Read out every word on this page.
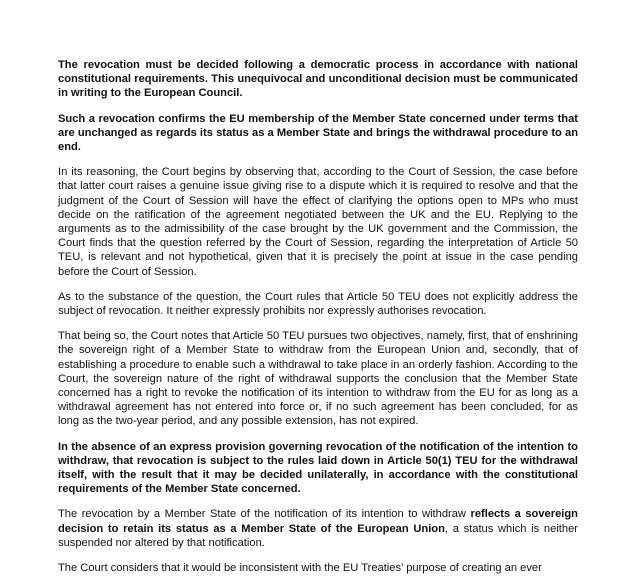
The revocation must be decided following a democratic process in accordance with national constitutional requirements. This unequivocal and unconditional decision must be communicated in writing to the European Council.

Such a revocation confirms the EU membership of the Member State concerned under terms that are unchanged as regards its status as a Member State and brings the withdrawal procedure to an end.

In its reasoning, the Court begins by observing that, according to the Court of Session, the case before that latter court raises a genuine issue giving rise to a dispute which it is required to resolve and that the judgment of the Court of Session will have the effect of clarifying the options open to MPs who must decide on the ratification of the agreement negotiated between the UK and the EU. Replying to the arguments as to the admissibility of the case brought by the UK government and the Commission, the Court finds that the question referred by the Court of Session, regarding the interpretation of Article 50 TEU, is relevant and not hypothetical, given that it is precisely the point at issue in the case pending before the Court of Session.

As to the substance of the question, the Court rules that Article 50 TEU does not explicitly address the subject of revocation. It neither expressly prohibits nor expressly authorises revocation.

That being so, the Court notes that Article 50 TEU pursues two objectives, namely, first, that of enshrining the sovereign right of a Member State to withdraw from the European Union and, secondly, that of establishing a procedure to enable such a withdrawal to take place in an orderly fashion. According to the Court, the sovereign nature of the right of withdrawal supports the conclusion that the Member State concerned has a right to revoke the notification of its intention to withdraw from the EU for as long as a withdrawal agreement has not entered into force or, if no such agreement has been concluded, for as long as the two-year period, and any possible extension, has not expired.

In the absence of an express provision governing revocation of the notification of the intention to withdraw, that revocation is subject to the rules laid down in Article 50(1) TEU for the withdrawal itself, with the result that it may be decided unilaterally, in accordance with the constitutional requirements of the Member State concerned.

The revocation by a Member State of the notification of its intention to withdraw reflects a sovereign decision to retain its status as a Member State of the European Union, a status which is neither suspended nor altered by that notification.

The Court considers that it would be inconsistent with the EU Treaties’ purpose of creating an ever
